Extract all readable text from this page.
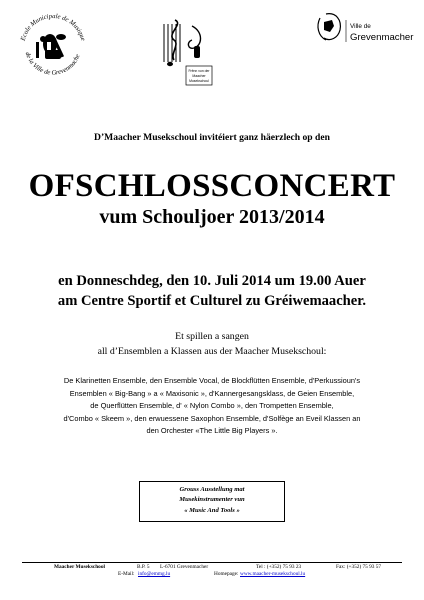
Ecole Municipale de Musique
de la Ville de Grevenmache
Frënn vun der
Maacher
Musekschoul
Ville de
Grevenmacher
D’Maacher Musekschoul invitéiert ganz häerzlech op den
OFSCHLOSSCONCERT
vum Schouljoer 2013/2014
en Donneschdeg, den 10. Juli 2014 um 19.00 Auer
am Centre Sportif et Culturel zu Gréiwemaacher.
Et spillen a sangen
all d’Ensemblen a Klassen aus der Maacher Musekschoul:
De Klarinetten Ensemble, den Ensemble Vocal, de Blockflütten Ensemble, d'Perkussioun's
Ensemblen « Big-Bang » a « Maxisonic », d'Kannergesangsklass, de Geien Ensemble,
de Querflütten Ensemble, d' « Nylon Combo », den Trompetten Ensemble,
d'Combo « Skeem », den erwuessene Saxophon Ensemble, d'Solfège an Eveil Klassen an
den Orchester «The Little Big Players ».
Grouss Ausstellung mat
Musekinstrumenter vun
« Music And Tools »
Maacher Musekschool	B.P. 5 L-6701 Grevenmacher	Tel : (+352) 75 93 23	Fax: (+352) 75 93 57
E-Mail: info@emmg.lu	Homepage: www.maacher-musekschoul.lu
